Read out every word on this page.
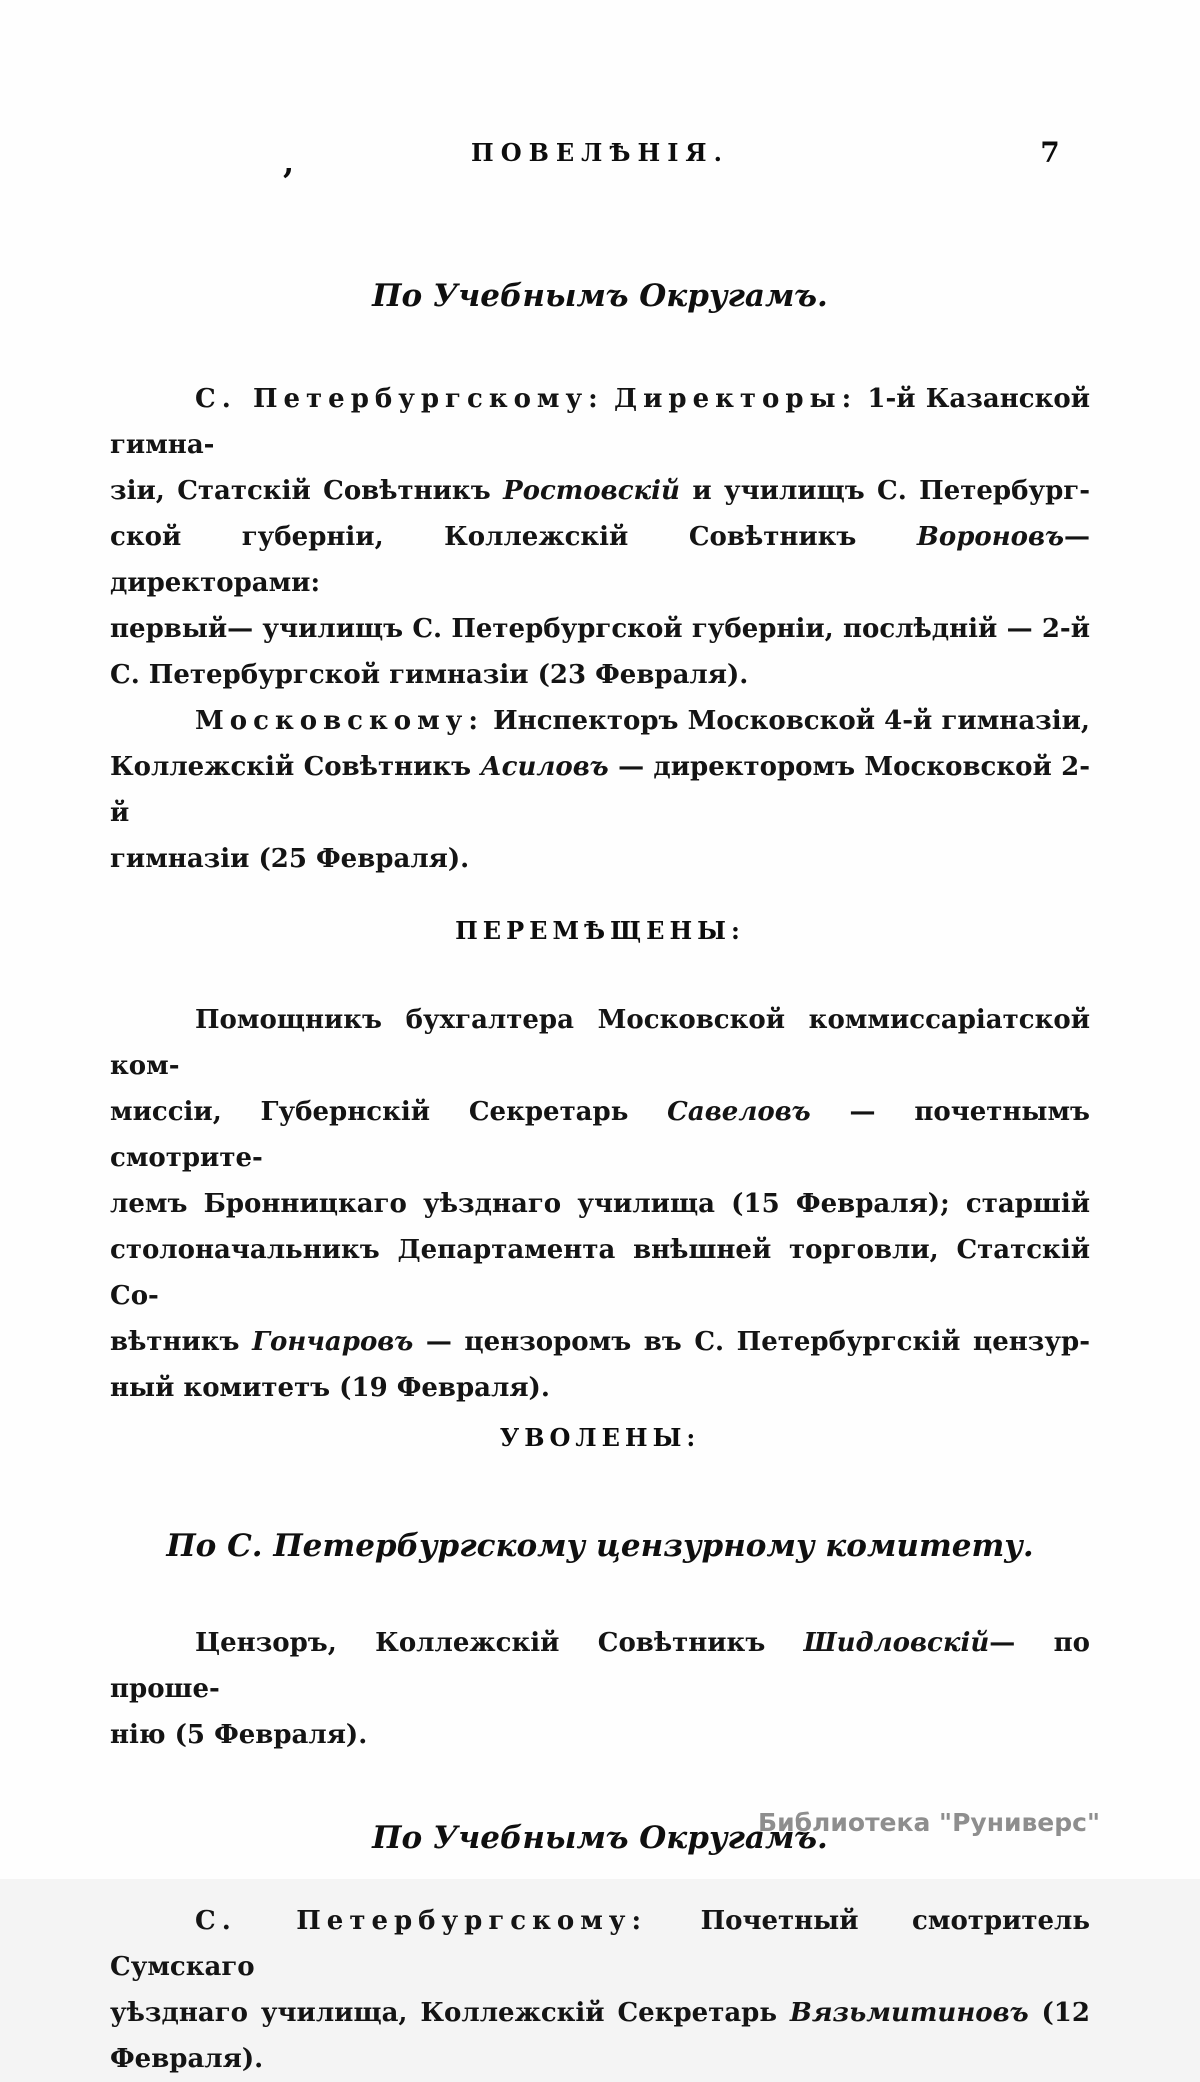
,	ПОВЕЛѢНІЯ.	7
По Учебнымъ Округамъ.
С. Петербургскому: Директоры: 1-й Казанской гимна-
зіи, Статскій Совѣтникъ Ростовскій и училищъ С. Петербург-
ской губерніи, Коллежскій Совѣтникъ Вороновъ— директорами:
первый— училищъ С. Петербургской губерніи, послѣдній — 2-й
С. Петербургской гимназіи (23 Февраля).
Московскому: Инспекторъ Московской 4-й гимназіи,
Коллежскій Совѣтникъ Асиловъ — директоромъ Московской 2-й
гимназіи (25 Февраля).
ПЕРЕМѢЩЕНЫ:
Помощникъ бухгалтера Московской коммиссаріатской ком-
миссіи, Губернскій Секретарь Савеловъ — почетнымъ смотрите-
лемъ Бронницкаго уѣзднаго училища (15 Февраля); старшій
столоначальникъ Департамента внѣшней торговли, Статскій Со-
вѣтникъ Гончаровъ — цензоромъ въ С. Петербургскій цензур-
ный комитетъ (19 Февраля).
УВОЛЕНЫ:
По С. Петербургскому цензурному комитету.
Цензоръ, Коллежскій Совѣтникъ Шидловскій— по проше-
нію (5 Февраля).
По Учебнымъ Округамъ.
С. Петербургскому: Почетный смотритель Сумскаго
уѣзднаго училища, Коллежскій Секретарь Вязьмитиновъ (12
Февраля).
Библиотека "Руниверс"
